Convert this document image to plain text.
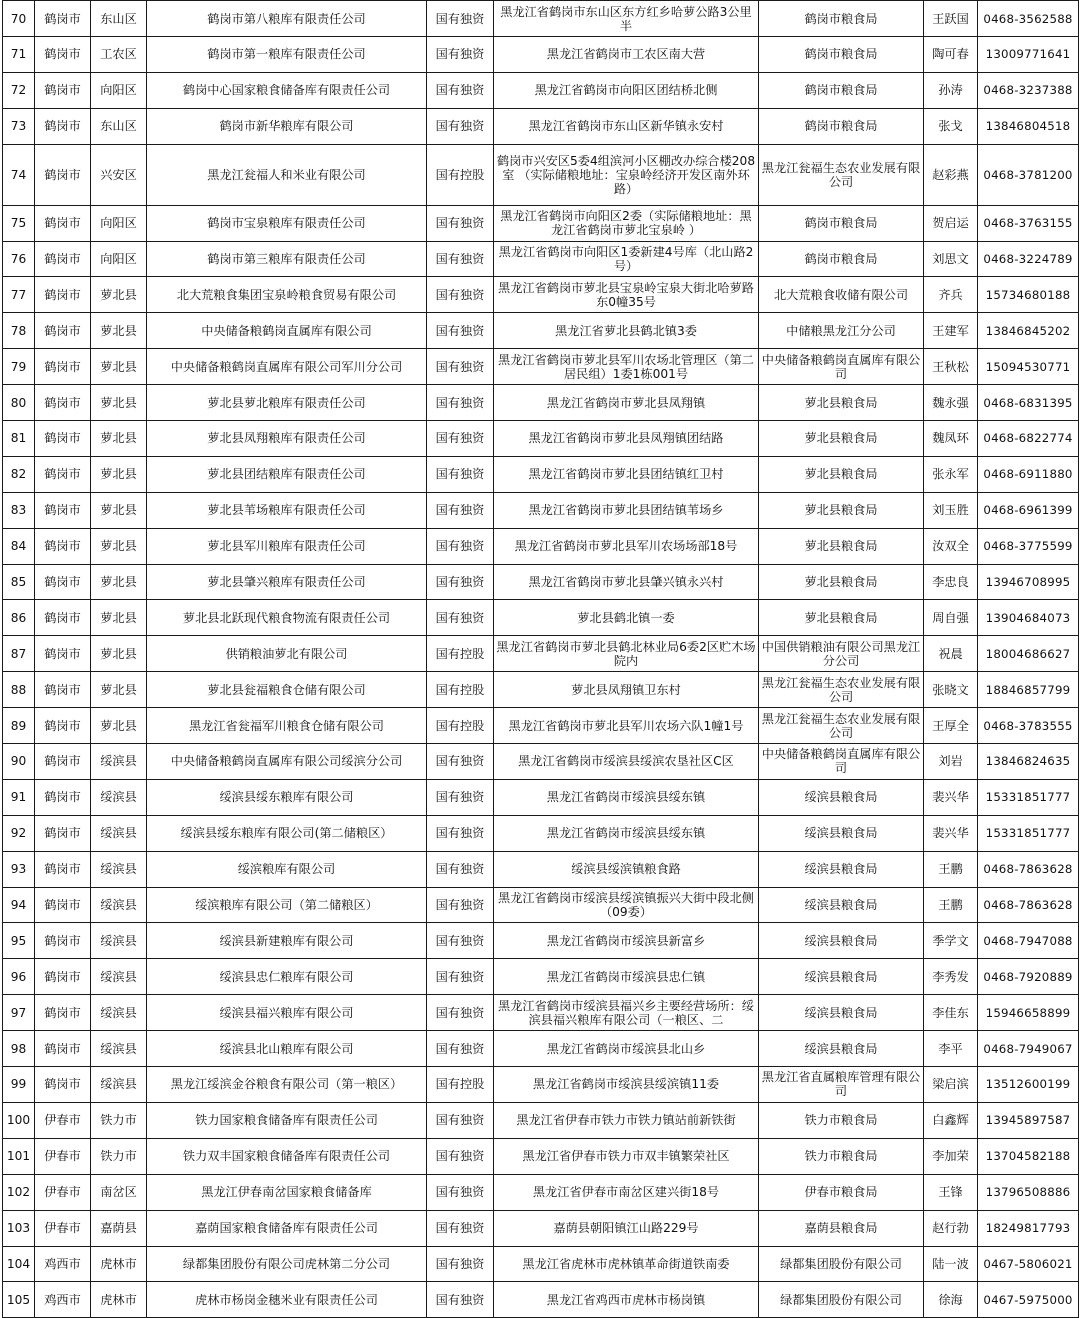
70	鹤岗市	东山区	鹤岗市第八粮库有限责任公司	国有独资	黑龙江省鹤岗市东山区东方红乡哈萝公路3公里半	鹤岗市粮食局	王跃国	0468-3562588
71	鹤岗市	工农区	鹤岗市第一粮库有限责任公司	国有独资	黑龙江省鹤岗市工农区南大营	鹤岗市粮食局	陶可春	13009771641
72	鹤岗市	向阳区	鹤岗中心国家粮食储备库有限责任公司	国有独资	黑龙江省鹤岗市向阳区团结桥北侧	鹤岗市粮食局	孙涛	0468-3237388
73	鹤岗市	东山区	鹤岗市新华粮库有限公司	国有独资	黑龙江省鹤岗市东山区新华镇永安村	鹤岗市粮食局	张戈	13846804518
74	鹤岗市	兴安区	黑龙江瓮福人和米业有限公司	国有控股	鹤岗市兴安区5委4组滨河小区棚改办综合楼208室 （实际储粮地址：宝泉岭经济开发区南外环路）	黑龙江瓮福生态农业发展有限公司	赵彩燕	0468-3781200
75	鹤岗市	向阳区	鹤岗市宝泉粮库有限责任公司	国有独资	黑龙江省鹤岗市向阳区2委（实际储粮地址：黑龙江省鹤岗市萝北宝泉岭 ）	鹤岗市粮食局	贺启运	0468-3763155
76	鹤岗市	向阳区	鹤岗市第三粮库有限责任公司	国有独资	黑龙江省鹤岗市向阳区1委新建4号库（北山路2号）	鹤岗市粮食局	刘思文	0468-3224789
77	鹤岗市	萝北县	北大荒粮食集团宝泉岭粮食贸易有限公司	国有独资	黑龙江省鹤岗市萝北县宝泉岭宝泉大街北哈萝路东0幢35号	北大荒粮食收储有限公司	齐兵	15734680188
78	鹤岗市	萝北县	中央储备粮鹤岗直属库有限公司	国有独资	黑龙江省萝北县鹤北镇3委	中储粮黑龙江分公司	王建军	13846845202
79	鹤岗市	萝北县	中央储备粮鹤岗直属库有限公司军川分公司	国有独资	黑龙江省鹤岗市萝北县军川农场北管理区（第二居民组）1委1栋001号	中央储备粮鹤岗直属库有限公司	王秋松	15094530771
80	鹤岗市	萝北县	萝北县萝北粮库有限责任公司	国有独资	黑龙江省鹤岗市萝北县凤翔镇	萝北县粮食局	魏永强	0468-6831395
81	鹤岗市	萝北县	萝北县凤翔粮库有限责任公司	国有独资	黑龙江省鹤岗市萝北县凤翔镇团结路	萝北县粮食局	魏凤环	0468-6822774
82	鹤岗市	萝北县	萝北县团结粮库有限责任公司	国有独资	黑龙江省鹤岗市萝北县团结镇红卫村	萝北县粮食局	张永军	0468-6911880
83	鹤岗市	萝北县	萝北县苇场粮库有限责任公司	国有独资	黑龙江省鹤岗市萝北县团结镇苇场乡	萝北县粮食局	刘玉胜	0468-6961399
84	鹤岗市	萝北县	萝北县军川粮库有限责任公司	国有独资	黑龙江省鹤岗市萝北县军川农场场部18号	萝北县粮食局	汝双全	0468-3775599
85	鹤岗市	萝北县	萝北县肇兴粮库有限责任公司	国有独资	黑龙江省鹤岗市萝北县肇兴镇永兴村	萝北县粮食局	李忠良	13946708995
86	鹤岗市	萝北县	萝北县北跃现代粮食物流有限责任公司	国有独资	萝北县鹤北镇一委	萝北县粮食局	周自强	13904684073
87	鹤岗市	萝北县	供销粮油萝北有限公司	国有控股	黑龙江省鹤岗市萝北县鹤北林业局6委2区贮木场院内	中国供销粮油有限公司黑龙江分公司	祝晨	18004686627
88	鹤岗市	萝北县	萝北县瓮福粮食仓储有限公司	国有控股	萝北县凤翔镇卫东村	黑龙江瓮福生态农业发展有限公司	张晓文	18846857799
89	鹤岗市	萝北县	黑龙江省瓮福军川粮食仓储有限公司	国有控股	黑龙江省鹤岗市萝北县军川农场六队1幢1号	黑龙江瓮福生态农业发展有限公司	王厚全	0468-3783555
90	鹤岗市	绥滨县	中央储备粮鹤岗直属库有限公司绥滨分公司	国有独资	黑龙江省鹤岗市绥滨县绥滨农垦社区C区	中央储备粮鹤岗直属库有限公司	刘岩	13846824635
91	鹤岗市	绥滨县	绥滨县绥东粮库有限公司	国有独资	黑龙江省鹤岗市绥滨县绥东镇	绥滨县粮食局	裴兴华	15331851777
92	鹤岗市	绥滨县	绥滨县绥东粮库有限公司(第二储粮区）	国有独资	黑龙江省鹤岗市绥滨县绥东镇	绥滨县粮食局	裴兴华	15331851777
93	鹤岗市	绥滨县	绥滨粮库有限公司	国有独资	绥滨县绥滨镇粮食路	绥滨县粮食局	王鹏	0468-7863628
94	鹤岗市	绥滨县	绥滨粮库有限公司（第二储粮区）	国有独资	黑龙江省鹤岗市绥滨县绥滨镇振兴大街中段北侧（09委）	绥滨县粮食局	王鹏	0468-7863628
95	鹤岗市	绥滨县	绥滨县新建粮库有限公司	国有独资	黑龙江省鹤岗市绥滨县新富乡	绥滨县粮食局	季学文	0468-7947088
96	鹤岗市	绥滨县	绥滨县忠仁粮库有限公司	国有独资	黑龙江省鹤岗市绥滨县忠仁镇	绥滨县粮食局	李秀发	0468-7920889
97	鹤岗市	绥滨县	绥滨县福兴粮库有限公司	国有独资	黑龙江省鹤岗市绥滨县福兴乡主要经营场所：绥滨县福兴粮库有限公司（一粮区、二	绥滨县粮食局	李佳东	15946658899
98	鹤岗市	绥滨县	绥滨县北山粮库有限公司	国有独资	黑龙江省鹤岗市绥滨县北山乡	绥滨县粮食局	李平	0468-7949067
99	鹤岗市	绥滨县	黑龙江绥滨金谷粮食有限公司（第一粮区）	国有控股	黑龙江省鹤岗市绥滨县绥滨镇11委	黑龙江省直属粮库管理有限公司	梁启滨	13512600199
100	伊春市	铁力市	铁力国家粮食储备库有限责任公司	国有独资	黑龙江省伊春市铁力市铁力镇站前新铁街	铁力市粮食局	白鑫辉	13945897587
101	伊春市	铁力市	铁力双丰国家粮食储备库有限责任公司	国有独资	黑龙江省伊春市铁力市双丰镇繁荣社区	铁力市粮食局	李加荣	13704582188
102	伊春市	南岔区	黑龙江伊春南岔国家粮食储备库	国有独资	黑龙江省伊春市南岔区建兴街18号	伊春市粮食局	王锋	13796508886
103	伊春市	嘉荫县	嘉荫国家粮食储备库有限责任公司	国有独资	嘉荫县朝阳镇江山路229号	嘉荫县粮食局	赵行勃	18249817793
104	鸡西市	虎林市	绿都集团股份有限公司虎林第二分公司	国有独资	黑龙江省虎林市虎林镇革命街道铁南委	绿都集团股份有限公司	陆一波	0467-5806021
105	鸡西市	虎林市	虎林市杨岗金穗米业有限责任公司	国有独资	黑龙江省鸡西市虎林市杨岗镇	绿都集团股份有限公司	徐海	0467-5975000
